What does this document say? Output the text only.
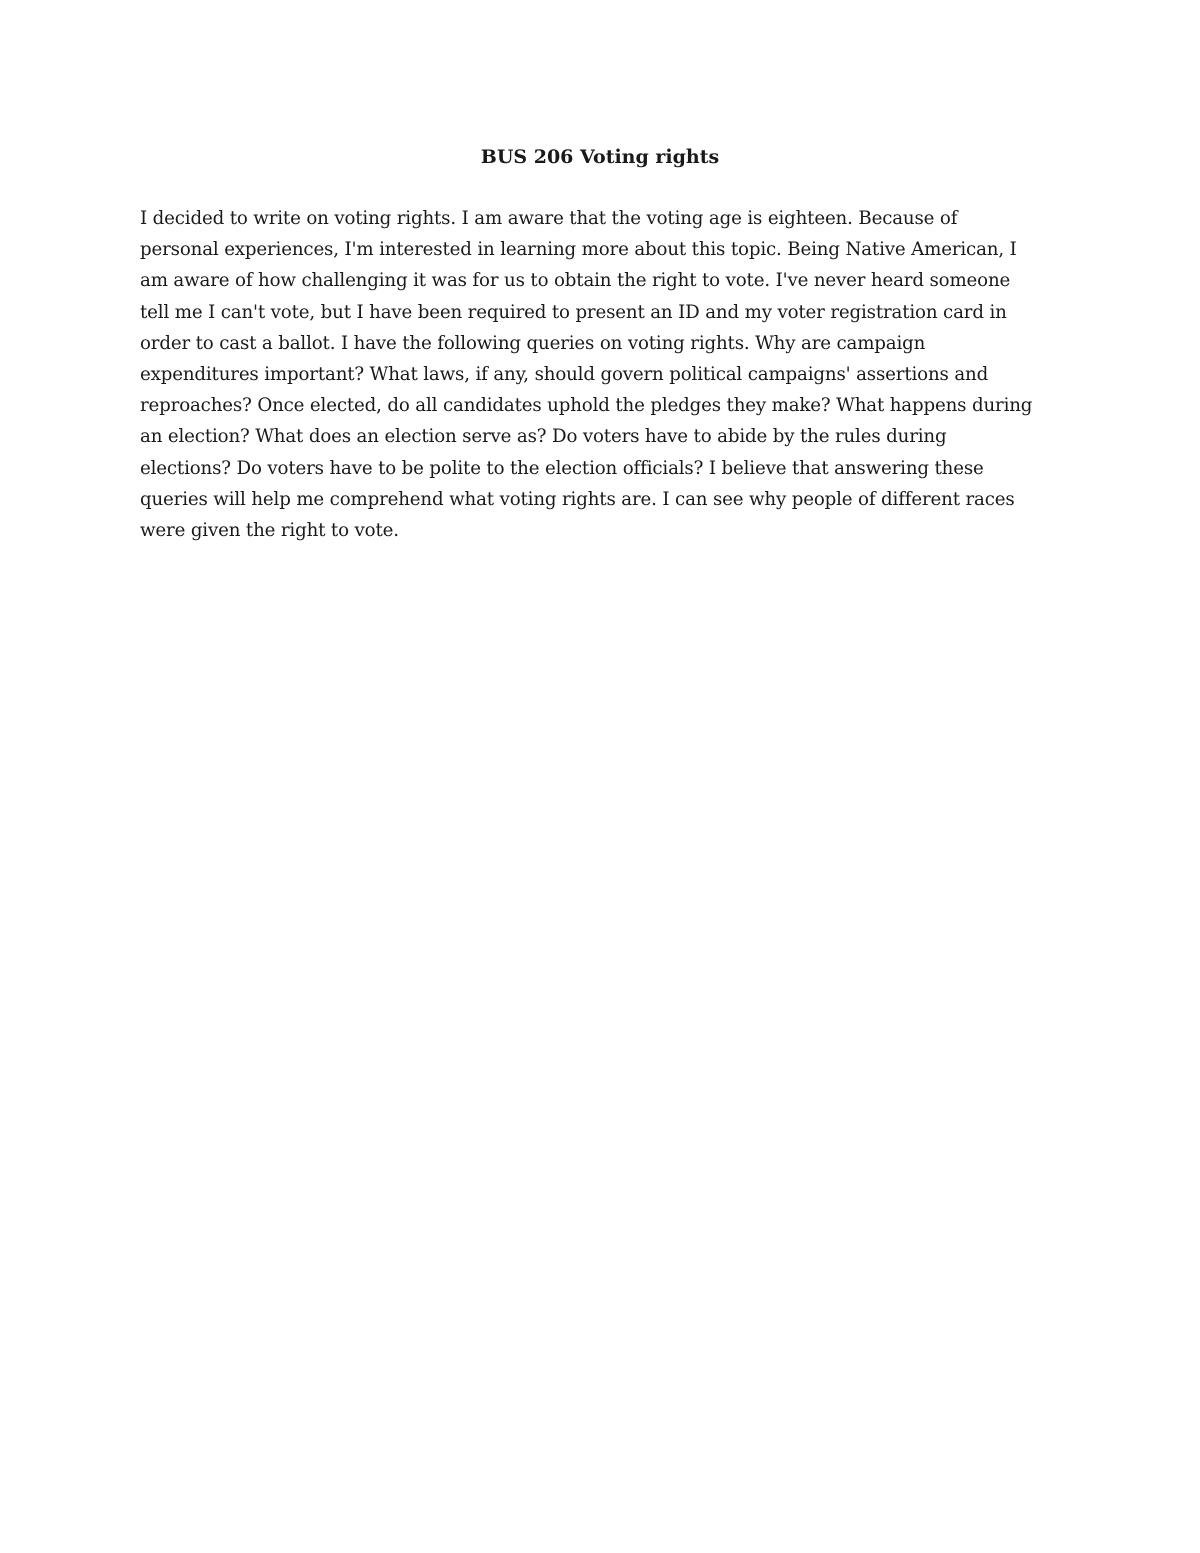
BUS 206 Voting rights
I decided to write on voting rights. I am aware that the voting age is eighteen. Because of
personal experiences, I'm interested in learning more about this topic. Being Native American, I
am aware of how challenging it was for us to obtain the right to vote. I've never heard someone
tell me I can't vote, but I have been required to present an ID and my voter registration card in
order to cast a ballot. I have the following queries on voting rights. Why are campaign
expenditures important? What laws, if any, should govern political campaigns' assertions and
reproaches? Once elected, do all candidates uphold the pledges they make? What happens during
an election? What does an election serve as? Do voters have to abide by the rules during
elections? Do voters have to be polite to the election officials? I believe that answering these
queries will help me comprehend what voting rights are. I can see why people of different races
were given the right to vote.
